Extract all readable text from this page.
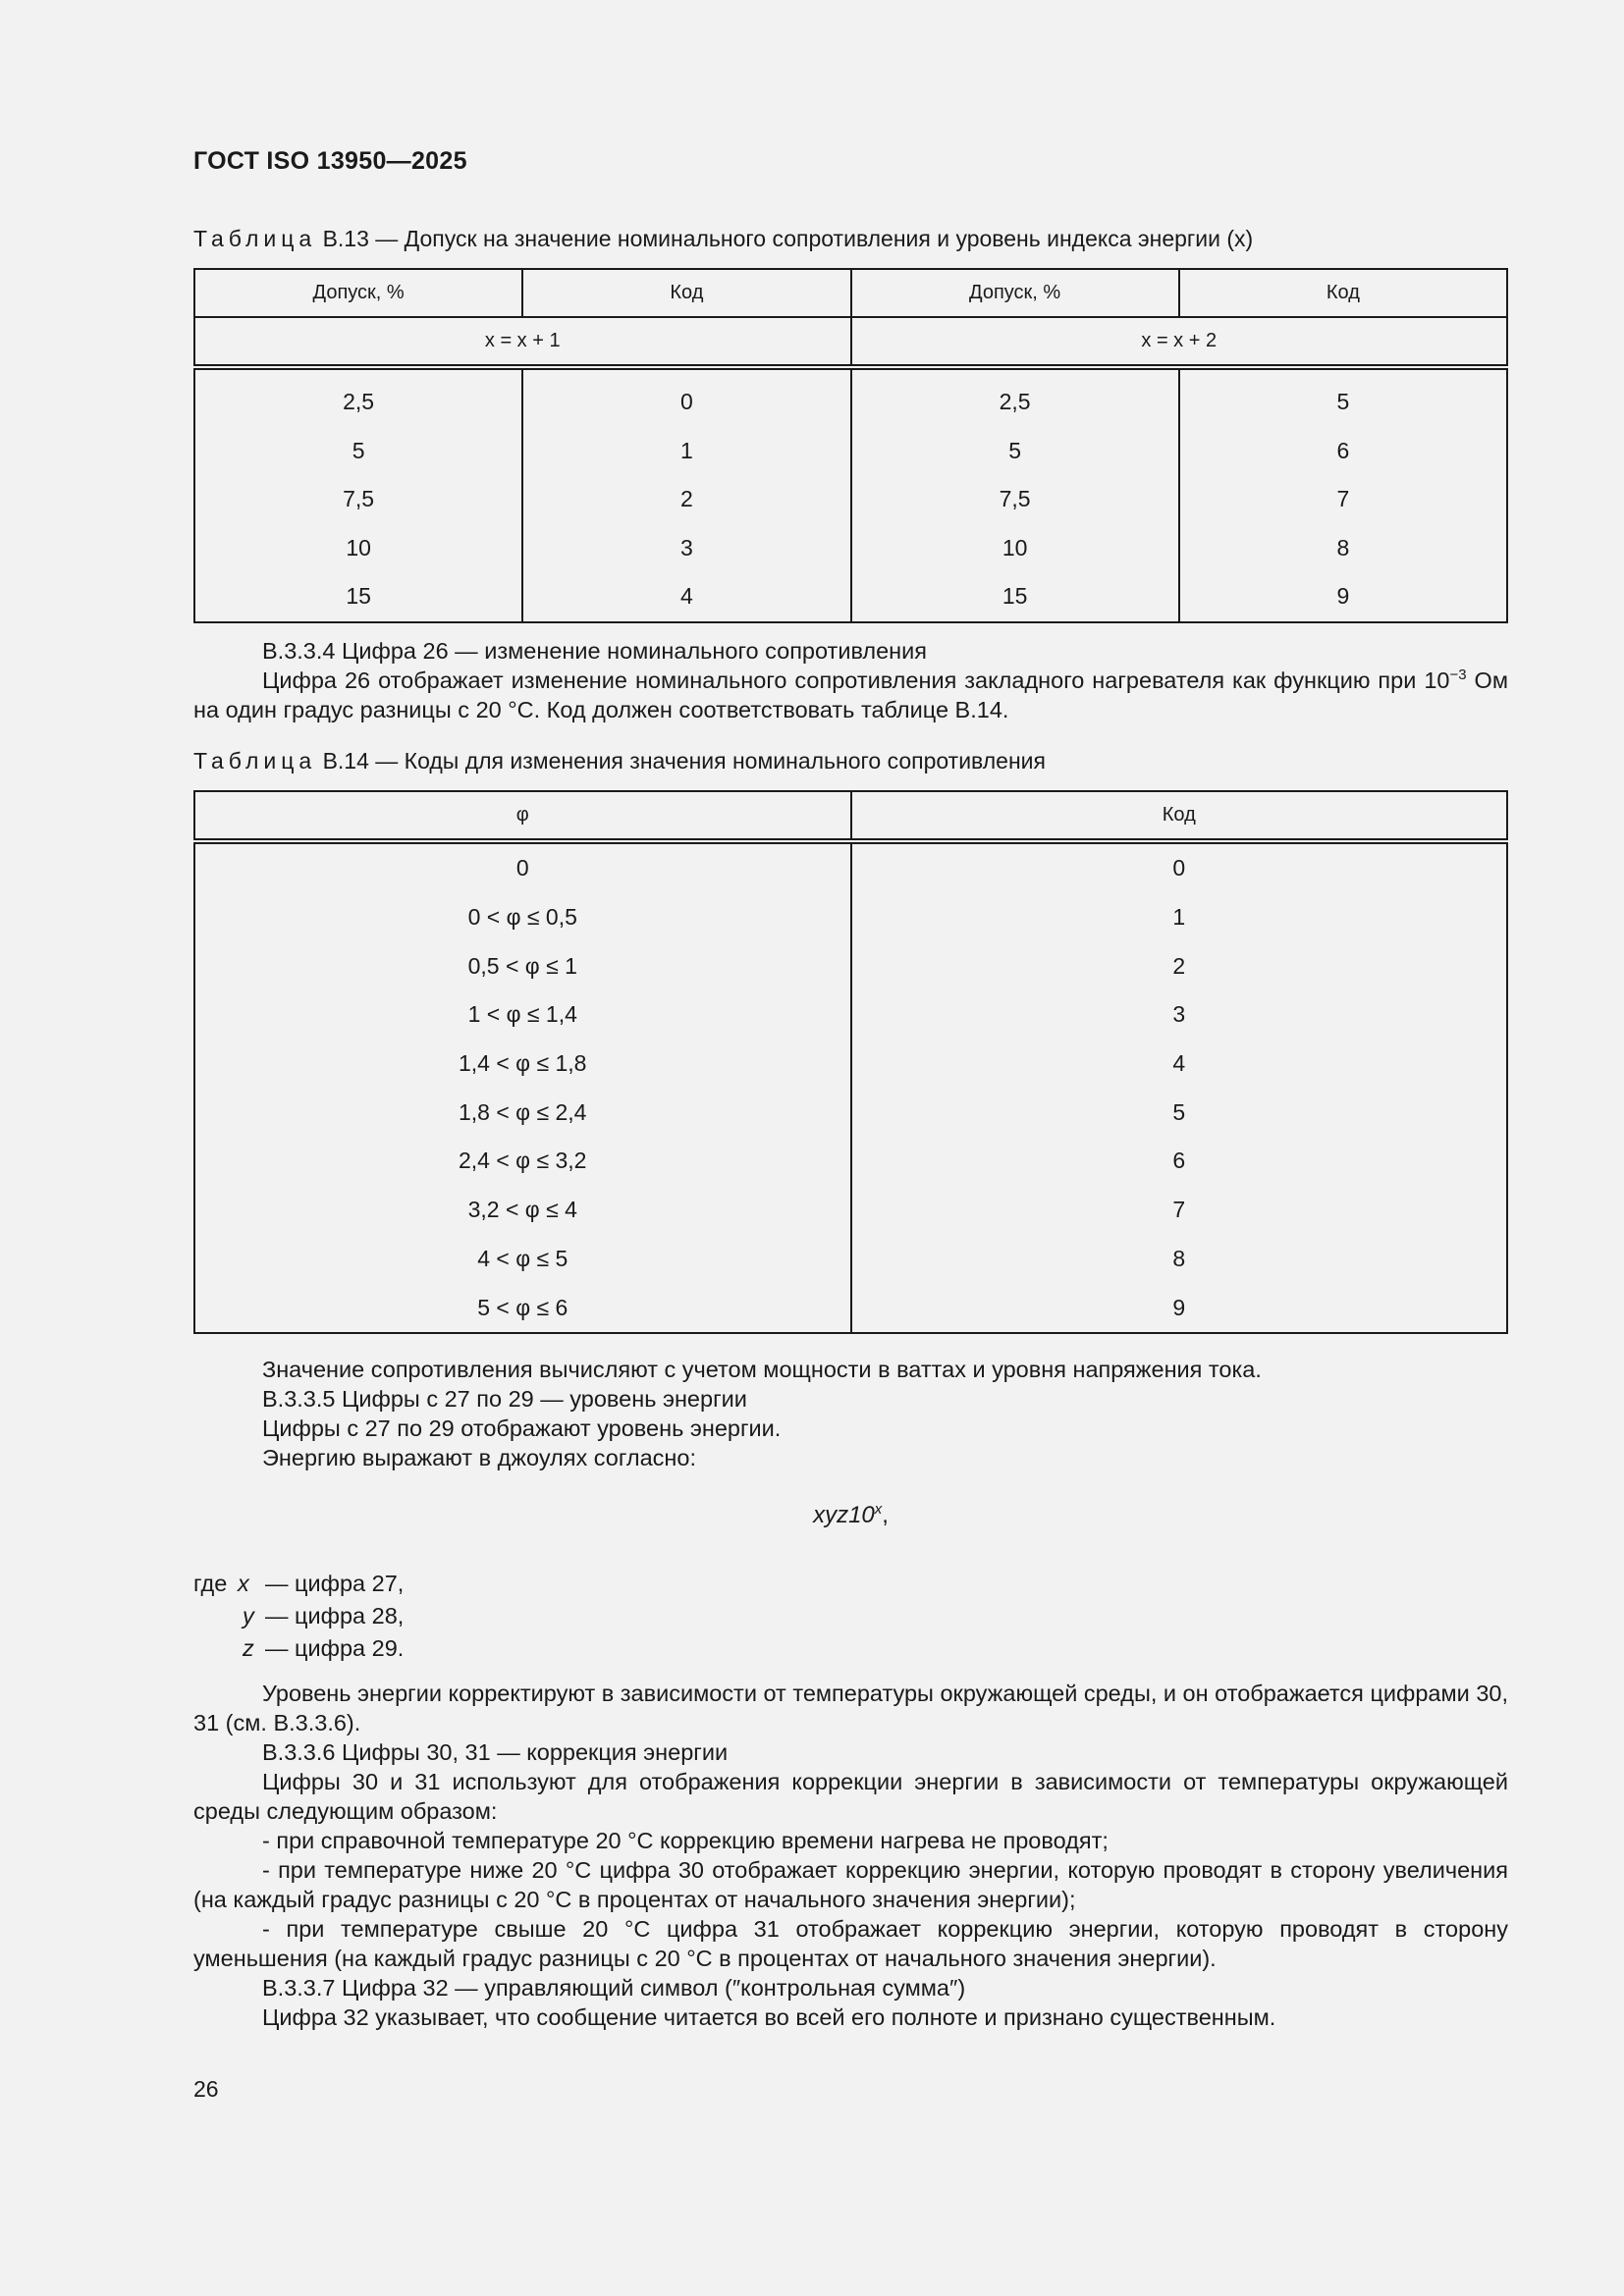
ГОСТ ISO 13950—2025
Таблица В.13 — Допуск на значение номинального сопротивления и уровень индекса энергии (х)
Допуск, %	Код	Допуск, %	Код
x = x + 1		x = x + 2	
2,5	0	2,5	5
5	1	5	6
7,5	2	7,5	7
10	3	10	8
15	4	15	9
В.3.3.4 Цифра 26 — изменение номинального сопротивления
Цифра 26 отображает изменение номинального сопротивления закладного нагревателя как функцию при $10^{-3}$ Ом на один градус разницы с 20 °С. Код должен соответствовать таблице В.14.
Таблица В.14 — Коды для изменения значения номинального сопротивления
φ	Код
0	0
0 < φ ≤ 0,5	1
0,5 < φ ≤ 1	2
1 < φ ≤ 1,4	3
1,4 < φ ≤ 1,8	4
1,8 < φ ≤ 2,4	5
2,4 < φ ≤ 3,2	6
3,2 < φ ≤ 4	7
4 < φ ≤ 5	8
5 < φ ≤ 6	9
Значение сопротивления вычисляют с учетом мощности в ваттах и уровня напряжения тока.
В.3.3.5 Цифры с 27 по 29 — уровень энергии
Цифры с 27 по 29 отображают уровень энергии.
Энергию выражают в джоулях согласно:
xyz10$^x$,
где x — цифра 27,
y — цифра 28,
z — цифра 29.
Уровень энергии корректируют в зависимости от температуры окружающей среды, и он отображается цифрами 30, 31 (см. В.3.3.6).
В.3.3.6 Цифры 30, 31 — коррекция энергии
Цифры 30 и 31 используют для отображения коррекции энергии в зависимости от температуры окружающей среды следующим образом:
- при справочной температуре 20 °С коррекцию времени нагрева не проводят;
- при температуре ниже 20 °С цифра 30 отображает коррекцию энергии, которую проводят в сторону увеличения (на каждый градус разницы с 20 °С в процентах от начального значения энергии);
- при температуре свыше 20 °С цифра 31 отображает коррекцию энергии, которую проводят в сторону уменьшения (на каждый градус разницы с 20 °С в процентах от начального значения энергии).
В.3.3.7 Цифра 32 — управляющий символ (″контрольная сумма″)
Цифра 32 указывает, что сообщение читается во всей его полноте и признано существенным.
26
